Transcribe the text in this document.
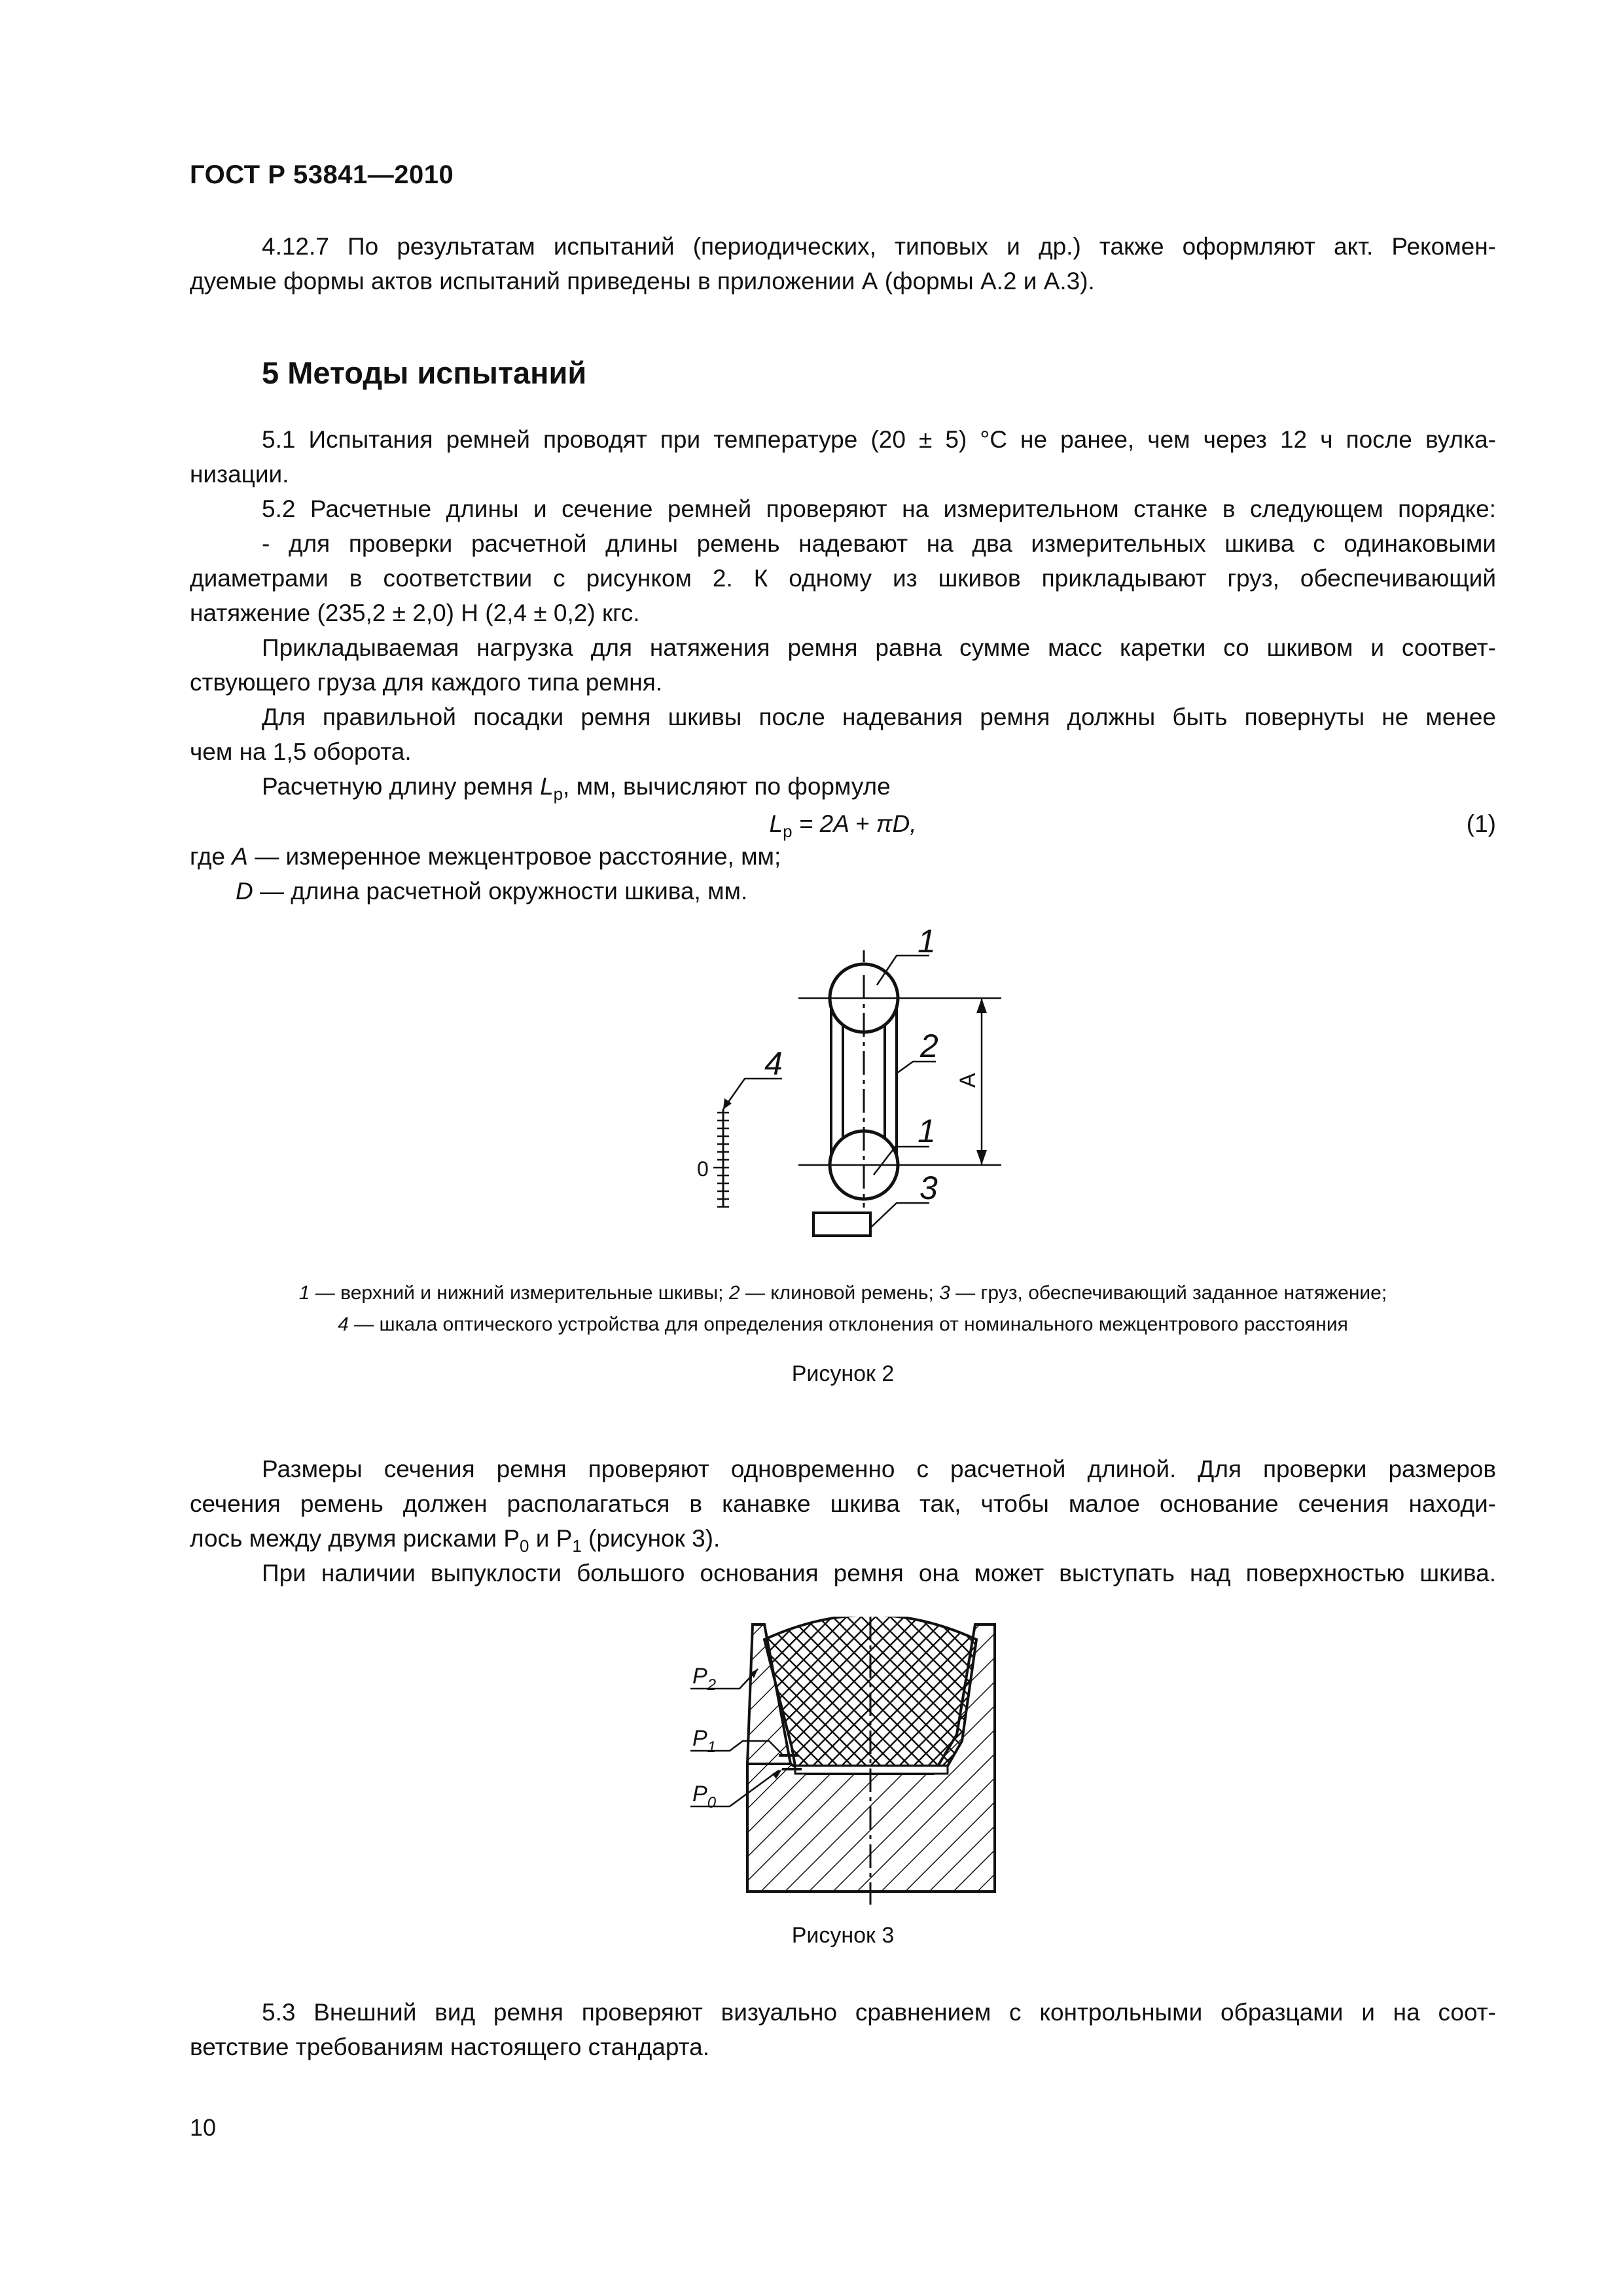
ГОСТ Р 53841—2010
4.12.7 По результатам испытаний (периодических, типовых и др.) также оформляют акт. Рекомен-
дуемые формы актов испытаний приведены в приложении А (формы А.2 и А.3).
5 Методы испытаний
5.1 Испытания ремней проводят при температуре (20 ± 5) °С не ранее, чем через 12 ч после вулка-
низации.
5.2 Расчетные длины и сечение ремней проверяют на измерительном станке в следующем порядке:
- для проверки расчетной длины ремень надевают на два измерительных шкива с одинаковыми
диаметрами в соответствии с рисунком 2. К одному из шкивов прикладывают груз, обеспечивающий
натяжение (235,2 ± 2,0) Н (2,4 ± 0,2) кгс.
Прикладываемая нагрузка для натяжения ремня равна сумме масс каретки со шкивом и соответ-
ствующего груза для каждого типа ремня.
Для правильной посадки ремня шкивы после надевания ремня должны быть повернуты не менее
чем на 1,5 оборота.
Расчетную длину ремня $L_р$, мм, вычисляют по формуле
$L_р = 2A + \pi D$,	(1)
где А — измеренное межцентровое расстояние, мм;
D — длина расчетной окружности шкива, мм.
1
2
1
3
4
0
А
1 — верхний и нижний измерительные шкивы; 2 — клиновой ремень; 3 — груз, обеспечивающий заданное натяжение;
4 — шкала оптического устройства для определения отклонения от номинального межцентрового расстояния
Рисунок 2
Размеры сечения ремня проверяют одновременно с расчетной длиной. Для проверки размеров
сечения ремень должен располагаться в канавке шкива так, чтобы малое основание сечения находи-
лось между двумя рисками $Р_0$ и $Р_1$ (рисунок 3).
При наличии выпуклости большого основания ремня она может выступать над поверхностью шкива.
$P_2$
$P_1$
$P_0$
Рисунок 3
5.3 Внешний вид ремня проверяют визуально сравнением с контрольными образцами и на соот-
ветствие требованиям настоящего стандарта.
10
